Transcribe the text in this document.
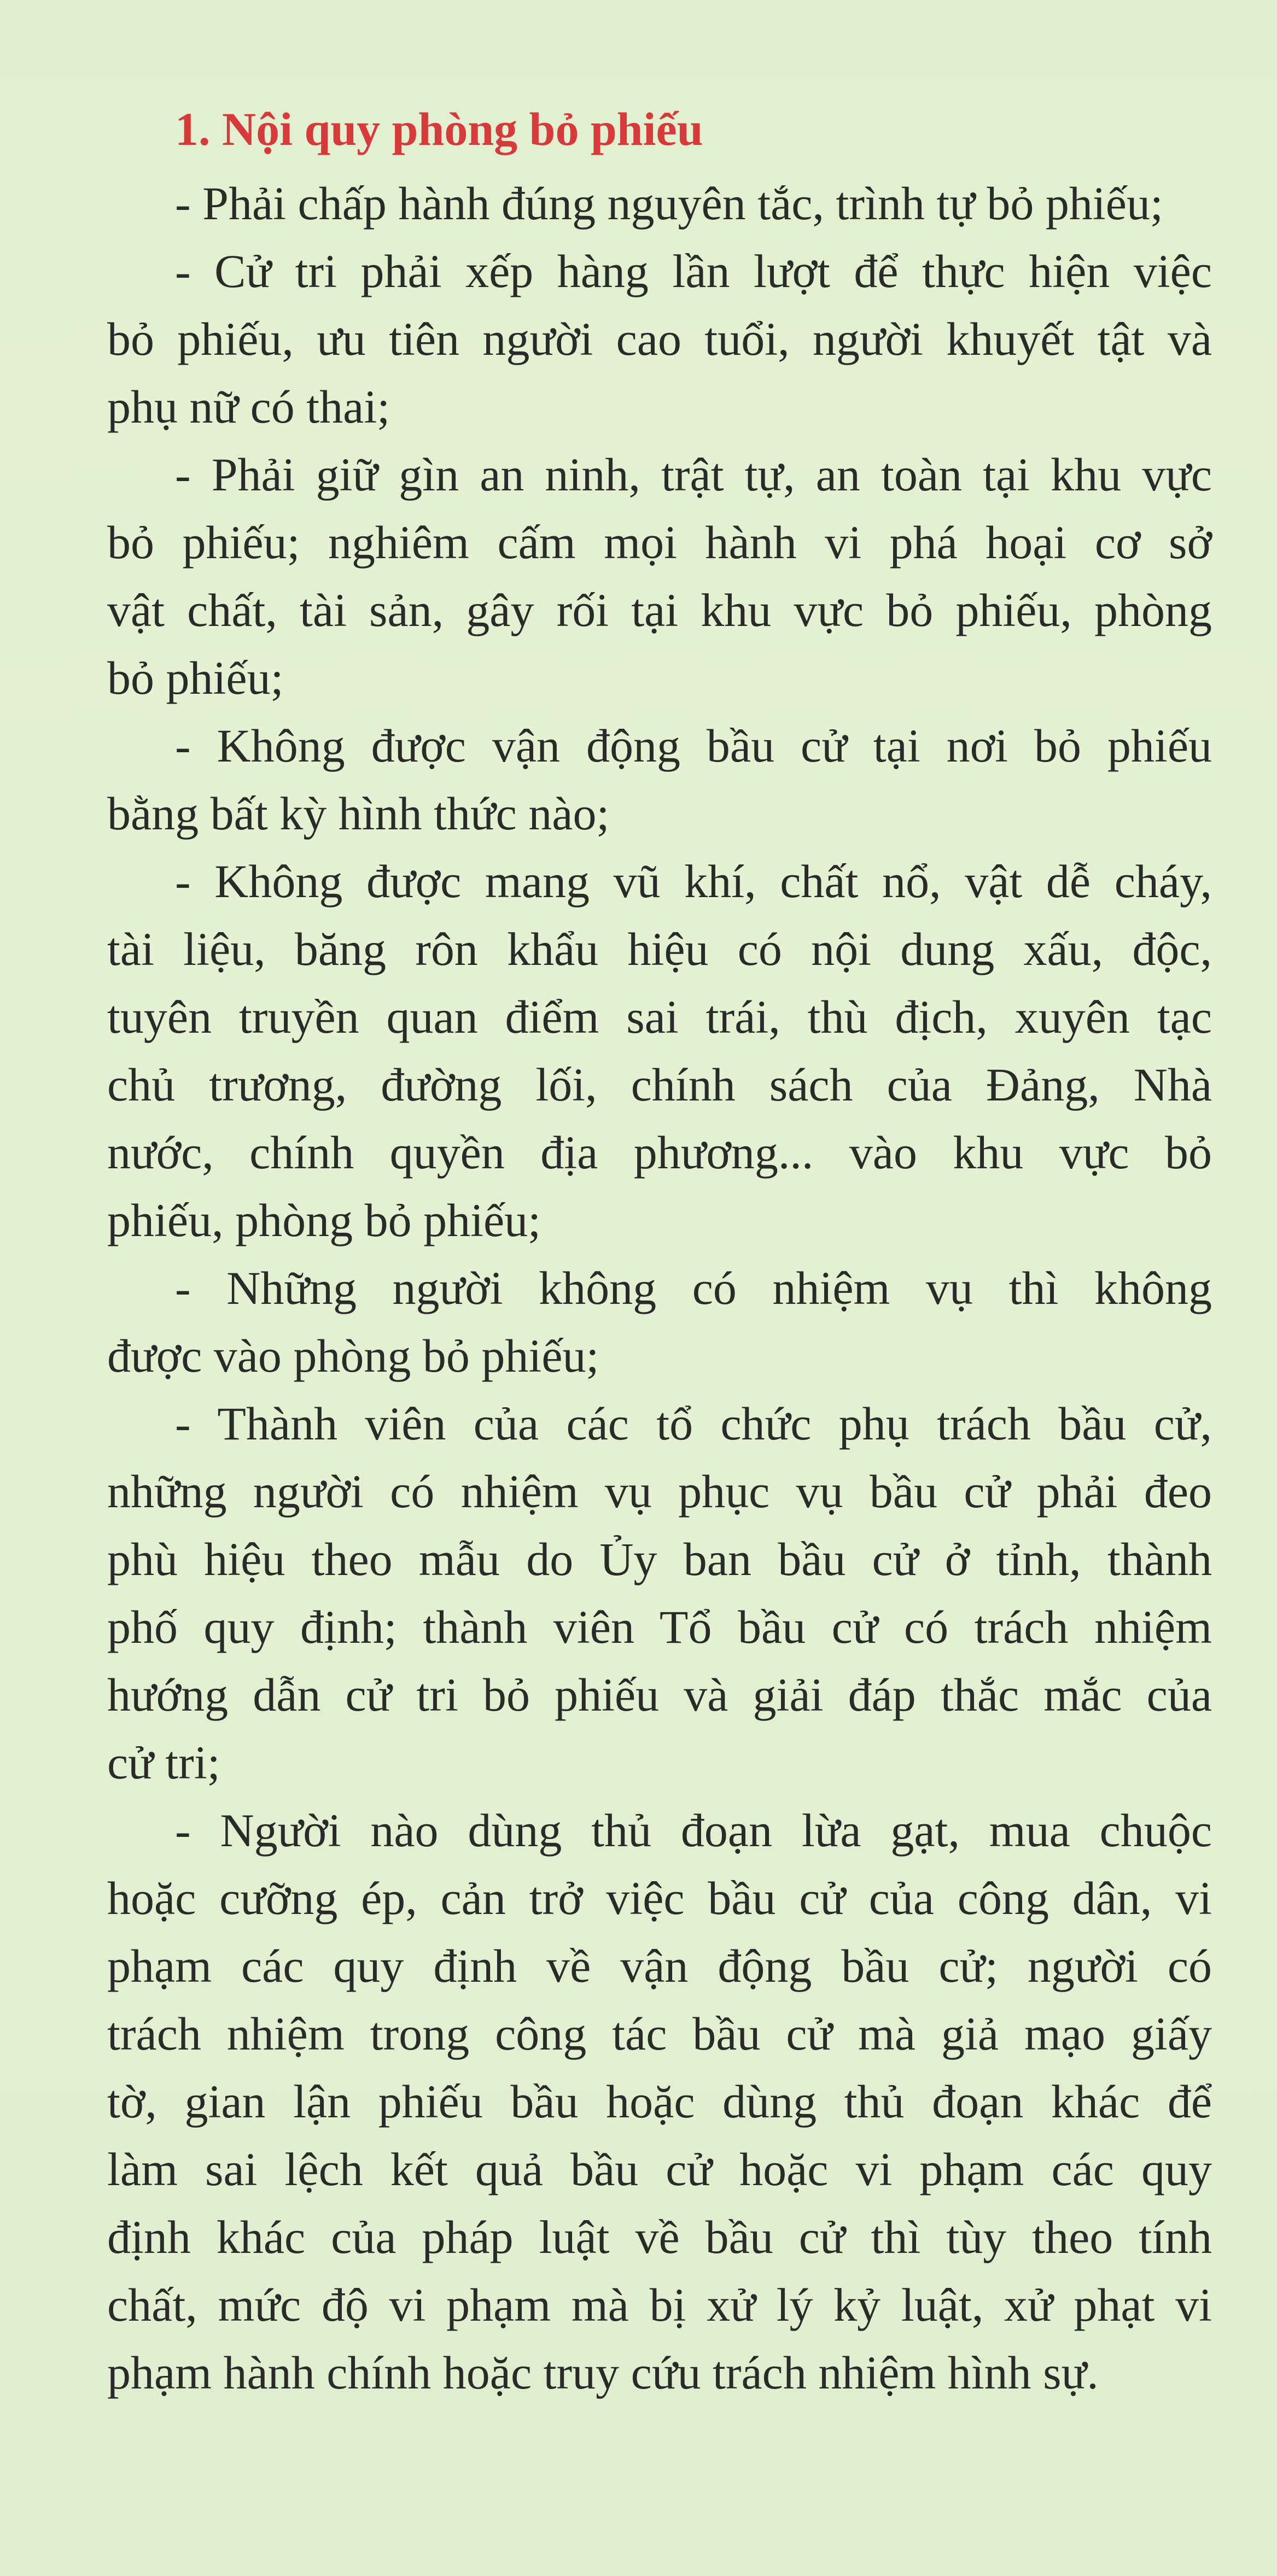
1. Nội quy phòng bỏ phiếu
- Phải chấp hành đúng nguyên tắc, trình tự bỏ phiếu;
- Cử tri phải xếp hàng lần lượt để thực hiện việc
bỏ phiếu, ưu tiên người cao tuổi, người khuyết tật và
phụ nữ có thai;
- Phải giữ gìn an ninh, trật tự, an toàn tại khu vực
bỏ phiếu; nghiêm cấm mọi hành vi phá hoại cơ sở
vật chất, tài sản, gây rối tại khu vực bỏ phiếu, phòng
bỏ phiếu;
- Không được vận động bầu cử tại nơi bỏ phiếu
bằng bất kỳ hình thức nào;
- Không được mang vũ khí, chất nổ, vật dễ cháy,
tài liệu, băng rôn khẩu hiệu có nội dung xấu, độc,
tuyên truyền quan điểm sai trái, thù địch, xuyên tạc
chủ trương, đường lối, chính sách của Đảng, Nhà
nước, chính quyền địa phương... vào khu vực bỏ
phiếu, phòng bỏ phiếu;
- Những người không có nhiệm vụ thì không
được vào phòng bỏ phiếu;
- Thành viên của các tổ chức phụ trách bầu cử,
những người có nhiệm vụ phục vụ bầu cử phải đeo
phù hiệu theo mẫu do Ủy ban bầu cử ở tỉnh, thành
phố quy định; thành viên Tổ bầu cử có trách nhiệm
hướng dẫn cử tri bỏ phiếu và giải đáp thắc mắc của
cử tri;
- Người nào dùng thủ đoạn lừa gạt, mua chuộc
hoặc cưỡng ép, cản trở việc bầu cử của công dân, vi
phạm các quy định về vận động bầu cử; người có
trách nhiệm trong công tác bầu cử mà giả mạo giấy
tờ, gian lận phiếu bầu hoặc dùng thủ đoạn khác để
làm sai lệch kết quả bầu cử hoặc vi phạm các quy
định khác của pháp luật về bầu cử thì tùy theo tính
chất, mức độ vi phạm mà bị xử lý kỷ luật, xử phạt vi
phạm hành chính hoặc truy cứu trách nhiệm hình sự.
